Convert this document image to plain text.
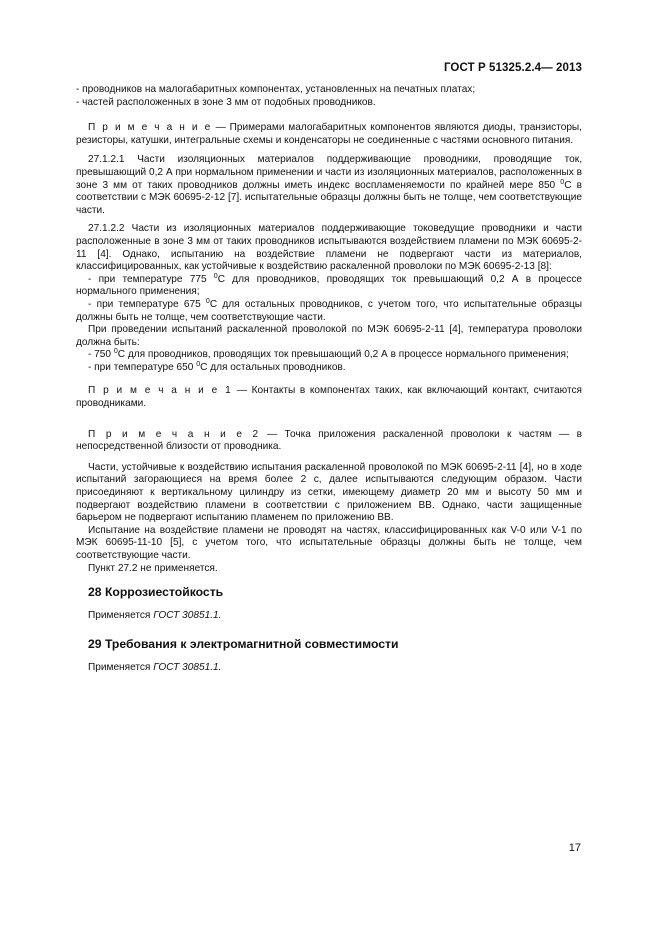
ГОСТ Р 51325.2.4— 2013

- проводников на малогабаритных компонентах, установленных на печатных платах;

- частей расположенных в зоне 3 мм от подобных проводников.

П р и м е ч а н и е — Примерами малогабаритных компонентов являются диоды, транзисторы, резисторы, катушки, интегральные схемы и конденсаторы не соединенные с частями основного питания.

27.1.2.1 Части изоляционных материалов поддерживающие проводники, проводящие ток, превышающий 0,2 А при нормальном применении и части из изоляционных материалов, расположенных в зоне 3 мм от таких проводников должны иметь индекс воспламеняемости по крайней мере 850 $^0$C в соответствии с МЭК 60695-2-12 [7]. испытательные образцы должны быть не толще, чем соответствующие части.

27.1.2.2 Части из изоляционных материалов поддерживающие токоведущие проводники и части расположенные в зоне 3 мм от таких проводников испытываются воздействием пламени по МЭК 60695-2-11 [4]. Однако, испытанию на воздействие пламени не подвергают части из материалов, классифицированных, как устойчивые к воздействию раскаленной проволоки по МЭК 60695-2-13 [8]:

- при температуре 775 $^0$C для проводников, проводящих ток превышающий 0,2 А в процессе нормального применения;

- при температуре 675 $^0$C для остальных проводников, с учетом того, что испытательные образцы должны быть не толще, чем соответствующие части.

При проведении испытаний раскаленной проволокой по МЭК 60695-2-11 [4], температура проволоки должна быть:

- 750 $^0$C для проводников, проводящих ток превышающий 0,2 А в процессе нормального применения;

- при температуре 650 $^0$C для остальных проводников.

П р и м е ч а н и е 1 — Контакты в компонентах таких, как включающий контакт, считаются проводниками.

П р и м е ч а н и е 2 — Точка приложения раскаленной проволоки к частям — в непосредственной близости от проводника.

Части, устойчивые к воздействию испытания раскаленной проволокой по МЭК 60695-2-11 [4], но в ходе испытаний загорающиеся на время более 2 с, далее испытываются следующим образом. Части присоединяют к вертикальному цилиндру из сетки, имеющему диаметр 20 мм и высоту 50 мм и подвергают воздействию пламени в соответствии с приложением ВВ. Однако, части защищенные барьером не подвергают испытанию пламенем по приложению ВВ.

Испытание на воздействие пламени не проводят на частях, классифицированных как V-0 или V-1 по МЭК 60695-11-10 [5], с учетом того, что испытательные образцы должны быть не толще, чем соответствующие части.

Пункт 27.2 не применяется.

28 Коррозиестойкость

Применяется ГОСТ 30851.1.

29 Требования к электромагнитной совместимости

Применяется ГОСТ 30851.1.

17
